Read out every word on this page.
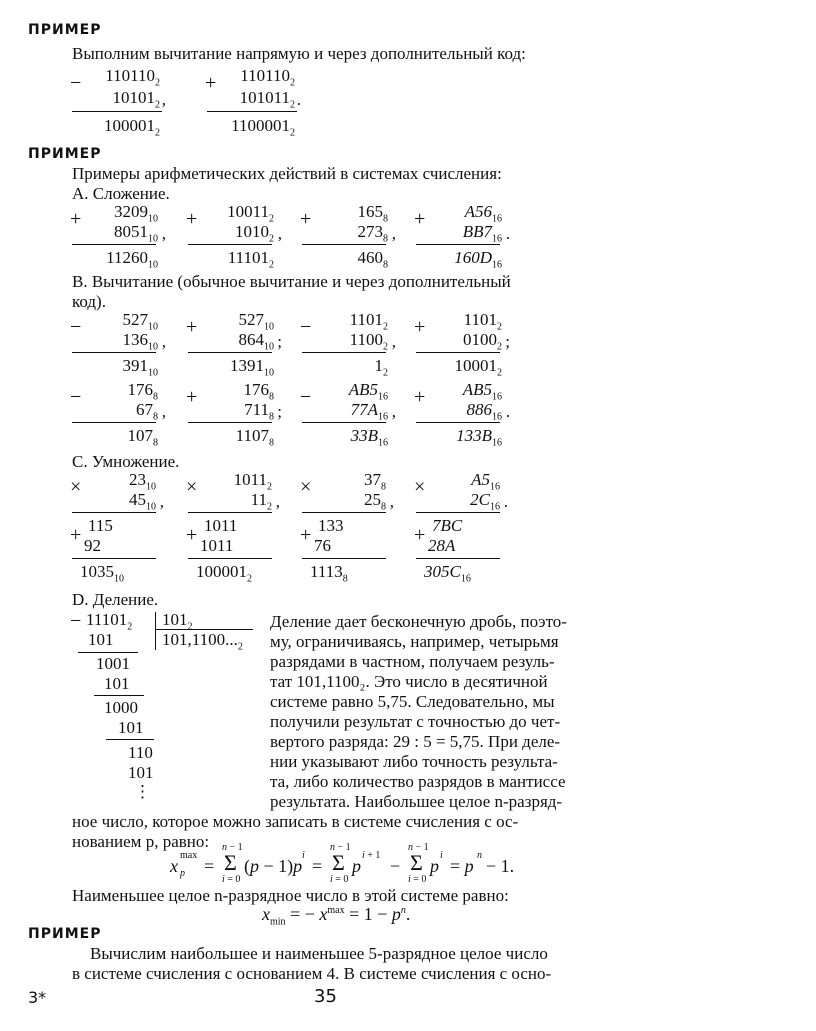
ПРИМЕР
Выполним вычитание напрямую и через дополнительный код:
− $110110_2$
$10101_2$ ,
$100001_2$
+ $110110_2$
$101011_2$ .
$1100001_2$
ПРИМЕР
Примеры арифметических действий в системах счисления:
А. Сложение.
В. Вычитание (обычное вычитание и через дополнительный
код).
С. Умножение.
D. Деление.
− $11101_2$
101
$101_2$
$101,1100..._2$
1001
101
1000
101
110
101
⋮
Деление дает бесконечную дробь, поэто-
му, ограничиваясь, например, четырьмя
разрядами в частном, получаем резуль-
тат 101,1100₂. Это число в десятичной
системе равно 5,75. Следовательно, мы
получили результат с точностью до чет-
вертого разряда: 29 : 5 = 5,75. При деле-
нии указывают либо точность результа-
та, либо количество разрядов в мантиссе
результата. Наибольшее целое n-разряд-
ное число, которое можно записать в системе счисления с ос-
нованием p, равно:
x
max
p =
n − 1
Σ
i = 0
(p − 1)p
i
=
n − 1
Σ
i = 0
p
i + 1
−
n − 1
Σ
i = 0
p
i
= p
n
− 1.
Наименьшее целое n-разрядное число в этой системе равно:
$x_{min}$ = − $x^{max} = 1 - p^n$.
ПРИМЕР
Вычислим наибольшее и наименьшее 5-разрядное целое число
в системе счисления с основанием 4. В системе счисления с осно-
3*	35
+ $3209_{10}$
$8051_{10}$ ,
$11260_{10}$
+ $10011_2$
$1010_2$ ,
$11101_2$
+	$165_8$
$273_8$ ,
$460_8$
+ $A56_{16}$
$BB7_{16}$ .
$160D_{16}$
− $527_{10}$
$136_{10}$ ,
$391_{10}$
+ $527_{10}$
$864_{10}$ ;
$1391_{10}$
− $1101_2$
$1100_2$ ,
$1_2$
+ $1101_2$
$0100_2$ ;
$10001_2$
−	$176_8$
$67_8$ ,
$107_8$
+	$176_8$
$711_8$ ;
$1107_8$
− $AB5_{16}$
$77A_{16}$ ,
$33B_{16}$
+ $AB5_{16}$
$886_{16}$ .
$133B_{16}$
×	$23_{10}$
$45_{10}$ ,
+ 115
92
$1035_{10}$
× $1011_2$
$11_2$ ,
+ 1011
1011
$100001_2$
×	$37_8$
$25_8$ ,
+ 133
76
$1113_8$
×	$A5_{16}$
$2C_{16}$ .
+ 7BC
28A
$305C_{16}$
